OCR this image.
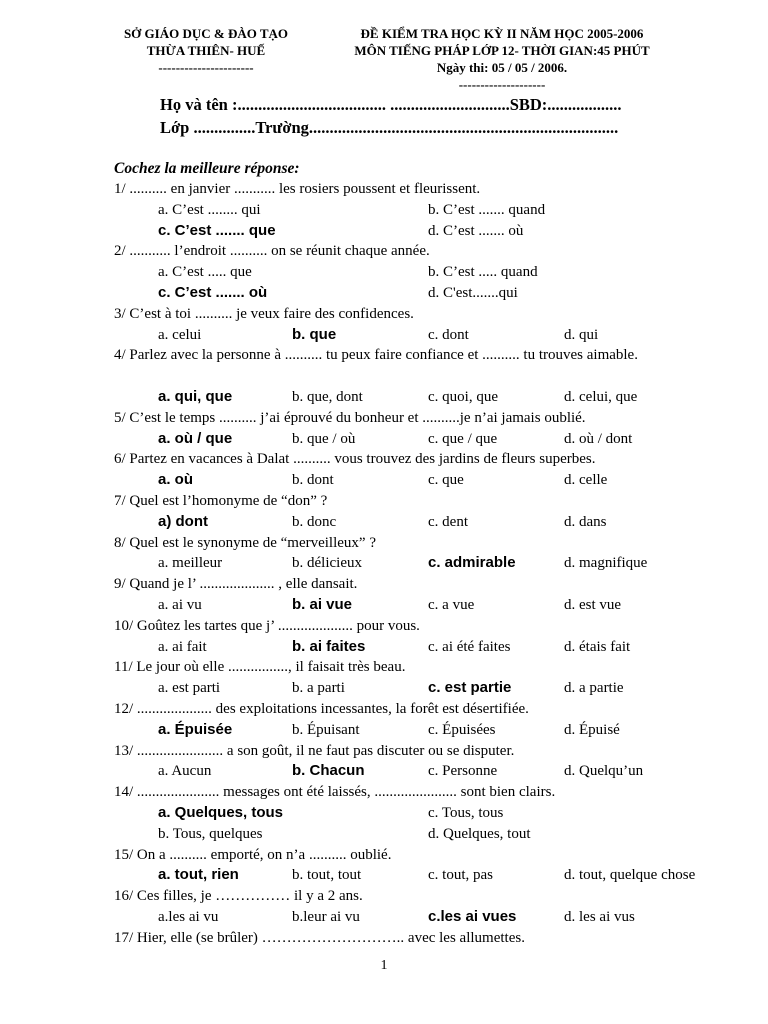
SỞ GIÁO DỤC & ĐÀO TẠO
THỪA THIÊN- HUẾ
----------------------
ĐỀ KIỂM TRA HỌC KỲ II NĂM HỌC 2005-2006
MÔN TIẾNG PHÁP LỚP 12- THỜI GIAN:45 PHÚT
Ngày thi: 05 / 05 / 2006.
--------------------
Họ và tên :.................................... .............................SBD:..................
Lớp ...............Trường...........................................................................
Cochez la meilleure réponse:
1/ .......... en janvier ........... les rosiers poussent et fleurissent.
a. C’est ........ qui	b. C’est ....... quand
c. C’est ....... que	d. C’est ....... où
2/ ........... l’endroit .......... on se réunit chaque année.
a. C’est ..... que	b. C’est ..... quand
c. C’est ....... où	d. C'est.......qui
3/ C’est à toi .......... je veux faire des confidences.
a. celui	b. que	c. dont	d. qui
4/ Parlez avec la personne à .......... tu peux faire confiance et .......... tu trouves aimable.
a. qui, que	b. que, dont	c. quoi, que	d. celui, que
5/ C’est le temps .......... j’ai éprouvé du bonheur et ..........je n’ai jamais oublié.
a. où / que	b. que / où	c. que / que	d. où / dont
6/ Partez en vacances à Dalat .......... vous trouvez des jardins de fleurs superbes.
a. où	b. dont	c. que	d. celle
7/ Quel est l’homonyme de “don” ?
a) dont	b. donc	c. dent	d. dans
8/ Quel est le synonyme de “merveilleux” ?
a. meilleur	b. délicieux	c. admirable	d. magnifique
9/ Quand je l’ .................... , elle dansait.
a. ai vu	b. ai vue	c. a vue	d. est vue
10/ Goûtez les tartes que j’ .................... pour vous.
a. ai fait	b. ai faites	c. ai été faites	d. étais fait
11/ Le jour où elle ................, il faisait très beau.
a. est parti	b. a parti	c. est partie	d. a partie
12/ .................... des exploitations incessantes, la forêt est désertifiée.
a. Épuisée	b. Épuisant	c. Épuisées	d. Épuisé
13/ ....................... a son goût, il ne faut pas discuter ou se disputer.
a. Aucun	b. Chacun	c. Personne	d. Quelqu’un
14/ ...................... messages ont été laissés, ...................... sont bien clairs.
a. Quelques, tous	c. Tous, tous
b. Tous, quelques	d. Quelques, tout
15/ On a .......... emporté, on n’a .......... oublié.
a. tout, rien	b. tout, tout	c. tout, pas	d. tout, quelque chose
16/ Ces filles, je …………… il y a 2 ans.
a.les ai vu	b.leur ai vu	c.les ai vues	d. les ai vus
17/ Hier, elle (se brûler) ……………………….. avec les allumettes.
1
